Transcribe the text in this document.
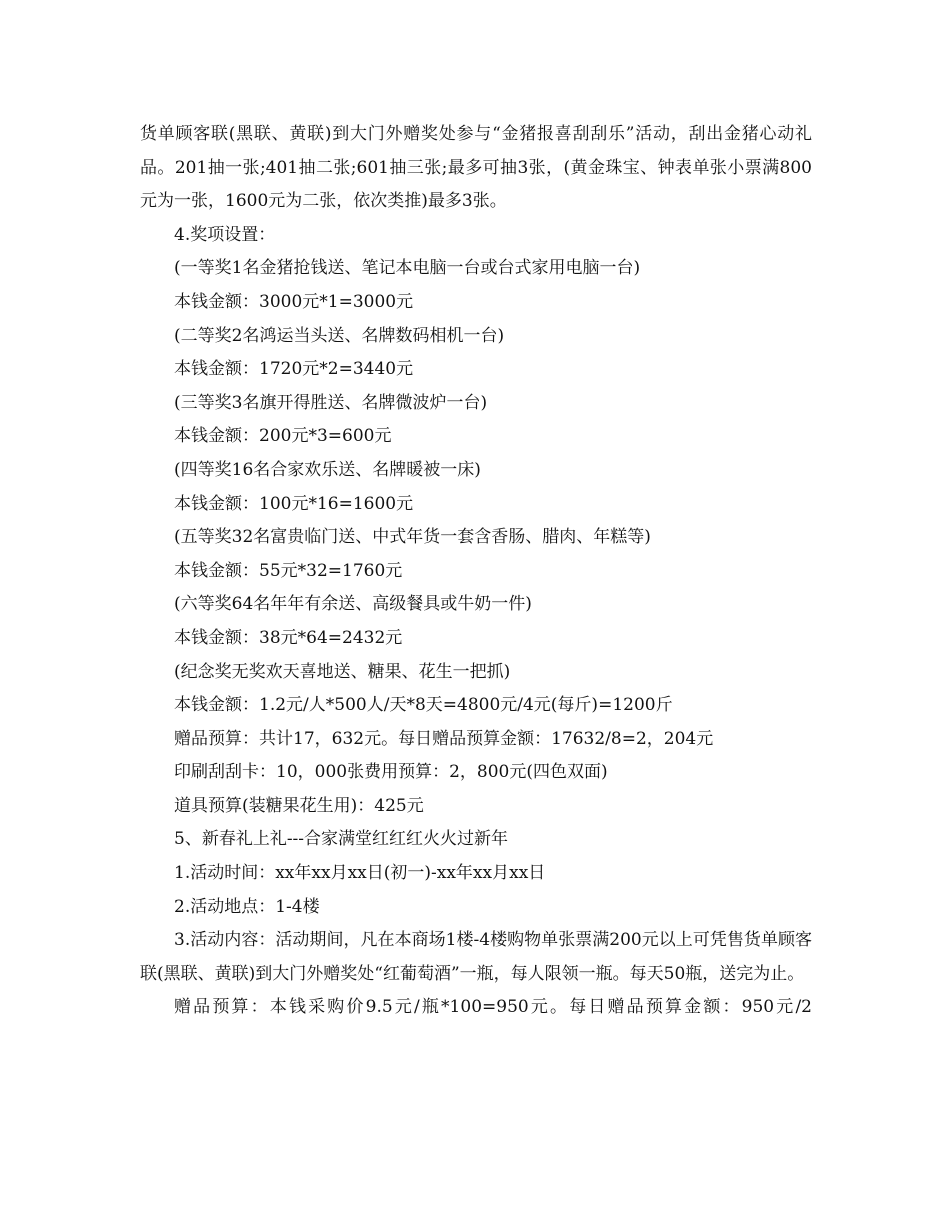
货单顾客联(黑联、黄联)到大门外赠奖处参与“金猪报喜刮刮乐”活动，刮出金猪心动礼品。201抽一张;401抽二张;601抽三张;最多可抽3张，(黄金珠宝、钟表单张小票满800元为一张，1600元为二张，依次类推)最多3张。

4.奖项设置：

(一等奖1名金猪抢钱送、笔记本电脑一台或台式家用电脑一台)

本钱金额：3000元*1=3000元

(二等奖2名鸿运当头送、名牌数码相机一台)

本钱金额：1720元*2=3440元

(三等奖3名旗开得胜送、名牌微波炉一台)

本钱金额：200元*3=600元

(四等奖16名合家欢乐送、名牌暖被一床)

本钱金额：100元*16=1600元

(五等奖32名富贵临门送、中式年货一套含香肠、腊肉、年糕等)

本钱金额：55元*32=1760元

(六等奖64名年年有余送、高级餐具或牛奶一件)

本钱金额：38元*64=2432元

(纪念奖无奖欢天喜地送、糖果、花生一把抓)

本钱金额：1.2元/人*500人/天*8天=4800元/4元(每斤)=1200斤

赠品预算：共计17，632元。每日赠品预算金额：17632/8=2，204元

印刷刮刮卡：10，000张费用预算：2，800元(四色双面)

道具预算(装糖果花生用)：425元

5、新春礼上礼---合家满堂红红红火火过新年

1.活动时间：xx年xx月xx日(初一)-xx年xx月xx日

2.活动地点：1-4楼

3.活动内容：活动期间，凡在本商场1楼-4楼购物单张票满200元以上可凭售货单顾客联(黑联、黄联)到大门外赠奖处“红葡萄酒”一瓶，每人限领一瓶。每天50瓶，送完为止。

赠品预算：本钱采购价9.5元/瓶*100=950元。每日赠品预算金额：950元/2
